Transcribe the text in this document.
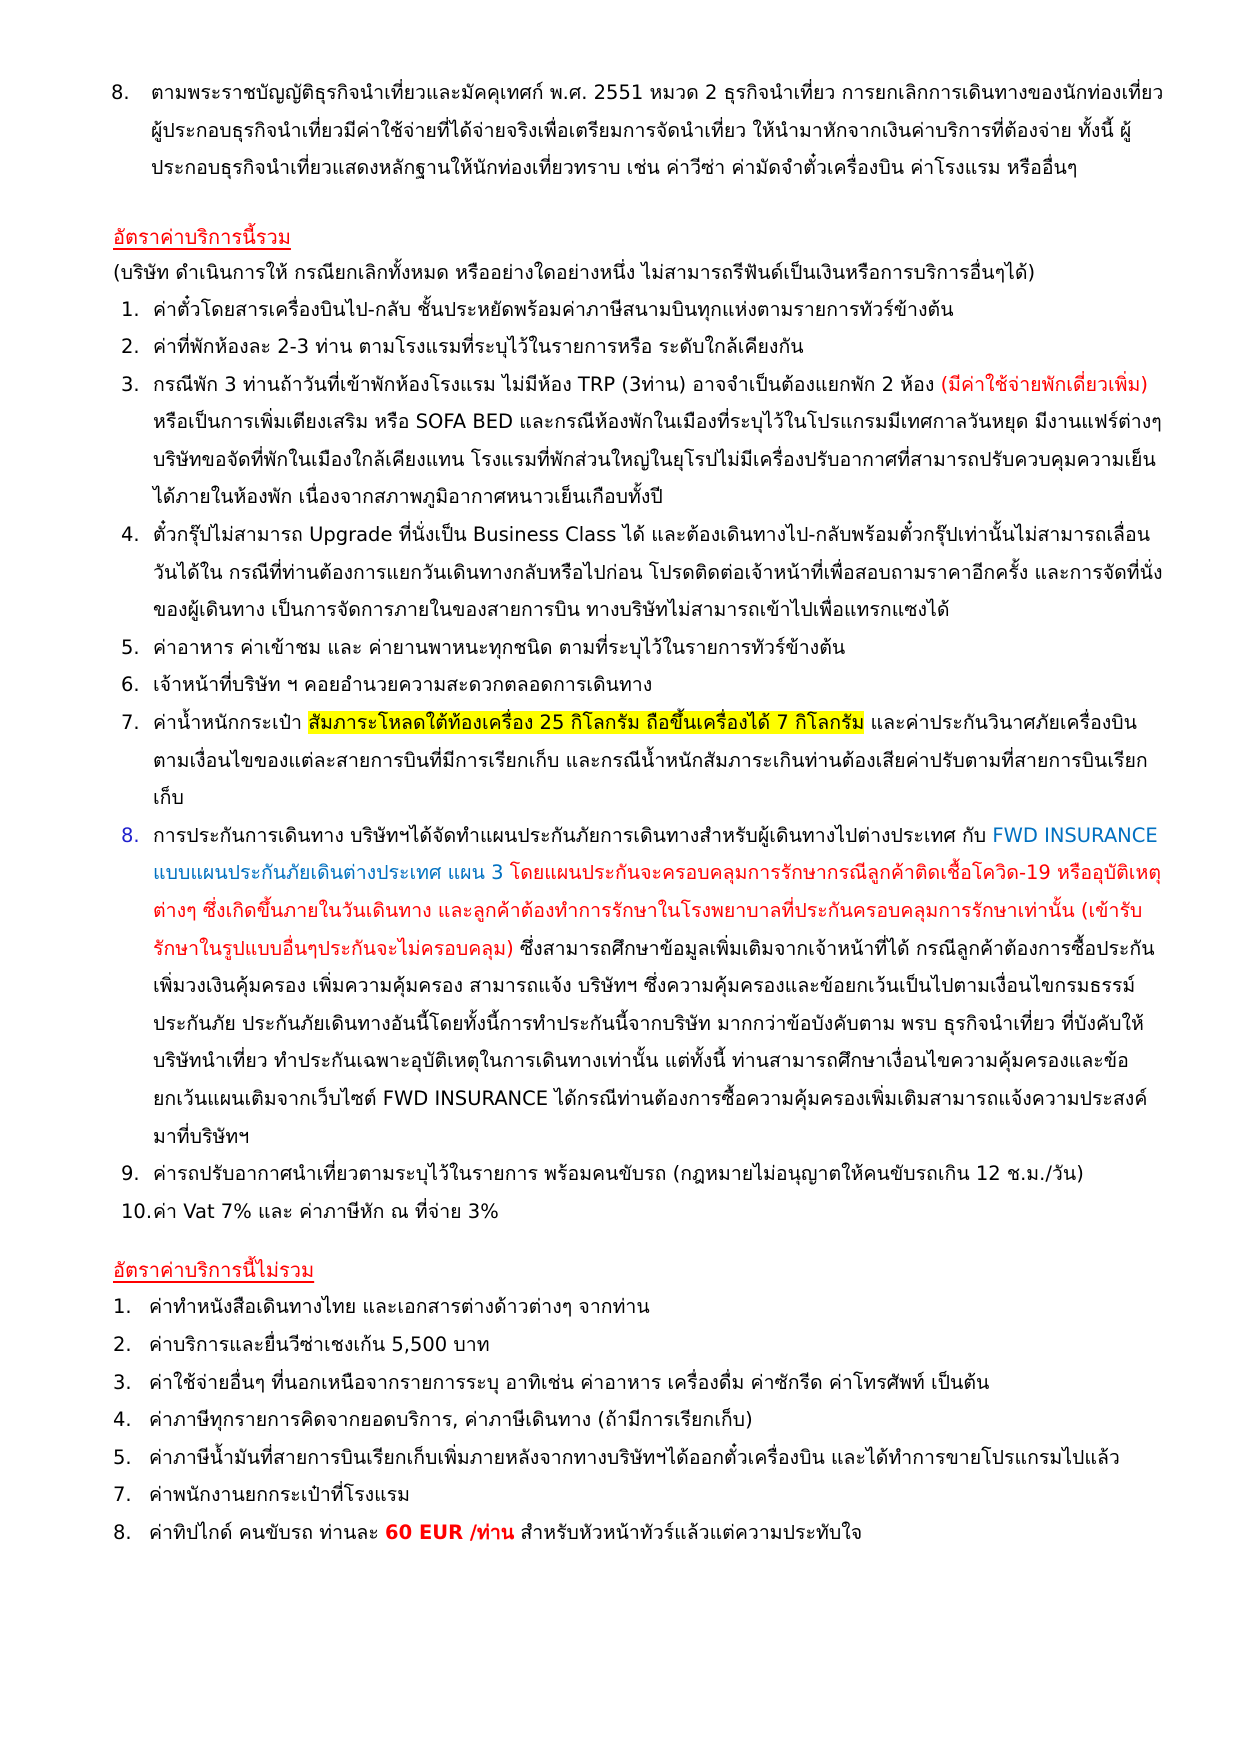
8.	ตามพระราชบัญญัติธุรกิจนำเที่ยวและมัคคุเทศก์ พ.ศ. 2551 หมวด 2 ธุรกิจนำเที่ยว การยกเลิกการเดินทางของนักท่องเที่ยว ผู้ประกอบธุรกิจนำเที่ยวมีค่าใช้จ่ายที่ได้จ่ายจริงเพื่อเตรียมการจัดนำเที่ยว ให้นำมาหักจากเงินค่าบริการที่ต้องจ่าย ทั้งนี้ ผู้ประกอบธุรกิจนำเที่ยวแสดงหลักฐานให้นักท่องเที่ยวทราบ เช่น ค่าวีซ่า ค่ามัดจำตั๋วเครื่องบิน ค่าโรงแรม หรืออื่นๆ
อัตราค่าบริการนี้รวม
(บริษัท ดำเนินการให้ กรณียกเลิกทั้งหมด หรืออย่างใดอย่างหนึ่ง ไม่สามารถรีฟันด์เป็นเงินหรือการบริการอื่นๆได้)
1. ค่าตั๋วโดยสารเครื่องบินไป-กลับ ชั้นประหยัดพร้อมค่าภาษีสนามบินทุกแห่งตามรายการทัวร์ข้างต้น
2. ค่าที่พักห้องละ 2-3 ท่าน ตามโรงแรมที่ระบุไว้ในรายการหรือ ระดับใกล้เคียงกัน
3. กรณีพัก 3 ท่านถ้าวันที่เข้าพักห้องโรงแรม ไม่มีห้อง TRP (3ท่าน) อาจจำเป็นต้องแยกพัก 2 ห้อง (มีค่าใช้จ่ายพักเดี่ยวเพิ่ม) หรือเป็นการเพิ่มเตียงเสริม หรือ SOFA BED และกรณีห้องพักในเมืองที่ระบุไว้ในโปรแกรมมีเทศกาลวันหยุด มีงานแฟร์ต่างๆ บริษัทขอจัดที่พักในเมืองใกล้เคียงแทน โรงแรมที่พักส่วนใหญ่ในยุโรปไม่มีเครื่องปรับอากาศที่สามารถปรับควบคุมความเย็นได้ภายในห้องพัก เนื่องจากสภาพภูมิอากาศหนาวเย็นเกือบทั้งปี
4. ตั๋วกรุ๊ปไม่สามารถ Upgrade ที่นั่งเป็น Business Class ได้ และต้องเดินทางไป-กลับพร้อมตั๋วกรุ๊ปเท่านั้นไม่สามารถเลื่อนวันได้ใน กรณีที่ท่านต้องการแยกวันเดินทางกลับหรือไปก่อน โปรดติดต่อเจ้าหน้าที่เพื่อสอบถามราคาอีกครั้ง และการจัดที่นั่งของผู้เดินทาง เป็นการจัดการภายในของสายการบิน ทางบริษัทไม่สามารถเข้าไปเพื่อแทรกแซงได้
5. ค่าอาหาร ค่าเข้าชม และ ค่ายานพาหนะทุกชนิด ตามที่ระบุไว้ในรายการทัวร์ข้างต้น
6. เจ้าหน้าที่บริษัท ฯ คอยอำนวยความสะดวกตลอดการเดินทาง
7. ค่าน้ำหนักกระเป๋า สัมภาระโหลดใต้ท้องเครื่อง 25 กิโลกรัม ถือขึ้นเครื่องได้ 7 กิโลกรัม และค่าประกันวินาศภัยเครื่องบินตามเงื่อนไขของแต่ละสายการบินที่มีการเรียกเก็บ และกรณีน้ำหนักสัมภาระเกินท่านต้องเสียค่าปรับตามที่สายการบินเรียกเก็บ
8. การประกันการเดินทาง บริษัทฯได้จัดทำแผนประกันภัยการเดินทางสำหรับผู้เดินทางไปต่างประเทศ กับ FWD INSURANCE แบบแผนประกันภัยเดินต่างประเทศ แผน 3 โดยแผนประกันจะครอบคลุมการรักษากรณีลูกค้าติดเชื้อโควิด-19 หรืออุบัติเหตุต่างๆ ซึ่งเกิดขึ้นภายในวันเดินทาง และลูกค้าต้องทำการรักษาในโรงพยาบาลที่ประกันครอบคลุมการรักษาเท่านั้น (เข้ารับรักษาในรูปแบบอื่นๆประกันจะไม่ครอบคลุม) ซึ่งสามารถศึกษาข้อมูลเพิ่มเติมจากเจ้าหน้าที่ได้ กรณีลูกค้าต้องการซื้อประกันเพิ่มวงเงินคุ้มครอง เพิ่มความคุ้มครอง สามารถแจ้ง บริษัทฯ ซึ่งความคุ้มครองและข้อยกเว้นเป็นไปตามเงื่อนไขกรมธรรม์ประกันภัย ประกันภัยเดินทางอันนี้โดยทั้งนี้การทำประกันนี้จากบริษัท มากกว่าข้อบังคับตาม พรบ ธุรกิจนำเที่ยว ที่บังคับให้บริษัทนำเที่ยว ทำประกันเฉพาะอุบัติเหตุในการเดินทางเท่านั้น แต่ทั้งนี้ ท่านสามารถศึกษาเงื่อนไขความคุ้มครองและข้อยกเว้นแผนเติมจากเว็บไซต์ FWD INSURANCE ได้กรณีท่านต้องการซื้อความคุ้มครองเพิ่มเติมสามารถแจ้งความประสงค์มาที่บริษัทฯ
9. ค่ารถปรับอากาศนำเที่ยวตามระบุไว้ในรายการ พร้อมคนขับรถ (กฎหมายไม่อนุญาตให้คนขับรถเกิน 12 ช.ม./วัน)
10. ค่า Vat 7% และ ค่าภาษีหัก ณ ที่จ่าย 3%
อัตราค่าบริการนี้ไม่รวม
1. ค่าทำหนังสือเดินทางไทย และเอกสารต่างด้าวต่างๆ จากท่าน
2. ค่าบริการและยื่นวีซ่าเชงเก้น 5,500 บาท
3. ค่าใช้จ่ายอื่นๆ ที่นอกเหนือจากรายการระบุ อาทิเช่น ค่าอาหาร เครื่องดื่ม ค่าซักรีด ค่าโทรศัพท์ เป็นต้น
4. ค่าภาษีทุกรายการคิดจากยอดบริการ, ค่าภาษีเดินทาง (ถ้ามีการเรียกเก็บ)
5. ค่าภาษีน้ำมันที่สายการบินเรียกเก็บเพิ่มภายหลังจากทางบริษัทฯได้ออกตั๋วเครื่องบิน และได้ทำการขายโปรแกรมไปแล้ว
7. ค่าพนักงานยกกระเป๋าที่โรงแรม
8. ค่าทิปไกด์ คนขับรถ ท่านละ 60 EUR /ท่าน สำหรับหัวหน้าทัวร์แล้วแต่ความประทับใจ
